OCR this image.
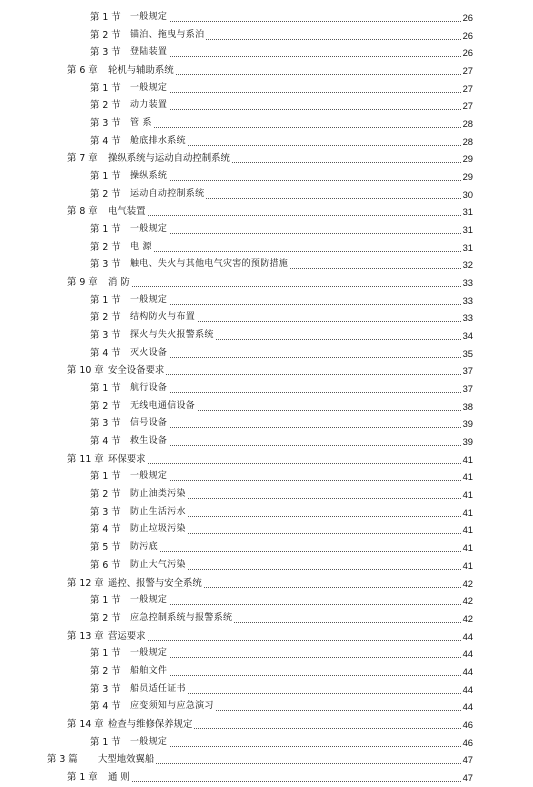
第 1 节 一般规定	26
第 2 节 锚泊、拖曳与系泊	26
第 3 节 登陆装置	26
第 6 章 轮机与辅助系统	27
第 1 节 一般规定	27
第 2 节 动力装置	27
第 3 节 管 系	28
第 4 节 舱底排水系统	28
第 7 章 操纵系统与运动自动控制系统	29
第 1 节 操纵系统	29
第 2 节 运动自动控制系统	30
第 8 章 电气装置	31
第 1 节 一般规定	31
第 2 节 电 源	31
第 3 节 触电、失火与其他电气灾害的预防措施	32
第 9 章 消 防	33
第 1 节 一般规定	33
第 2 节 结构防火与布置	33
第 3 节 探火与失火报警系统	34
第 4 节 灭火设备	35
第 10 章 安全设备要求	37
第 1 节 航行设备	37
第 2 节 无线电通信设备	38
第 3 节 信号设备	39
第 4 节 救生设备	39
第 11 章 环保要求	41
第 1 节 一般规定	41
第 2 节 防止油类污染	41
第 3 节 防止生活污水	41
第 4 节 防止垃圾污染	41
第 5 节 防污底	41
第 6 节 防止大气污染	41
第 12 章 遥控、报警与安全系统	42
第 1 节 一般规定	42
第 2 节 应急控制系统与报警系统	42
第 13 章 营运要求	44
第 1 节 一般规定	44
第 2 节 船舶文件	44
第 3 节 船员适任证书	44
第 4 节 应变须知与应急演习	44
第 14 章 检查与维修保养规定	46
第 1 节 一般规定	46
第 3 篇 大型地效翼船	47
第 1 章 通 则	47
